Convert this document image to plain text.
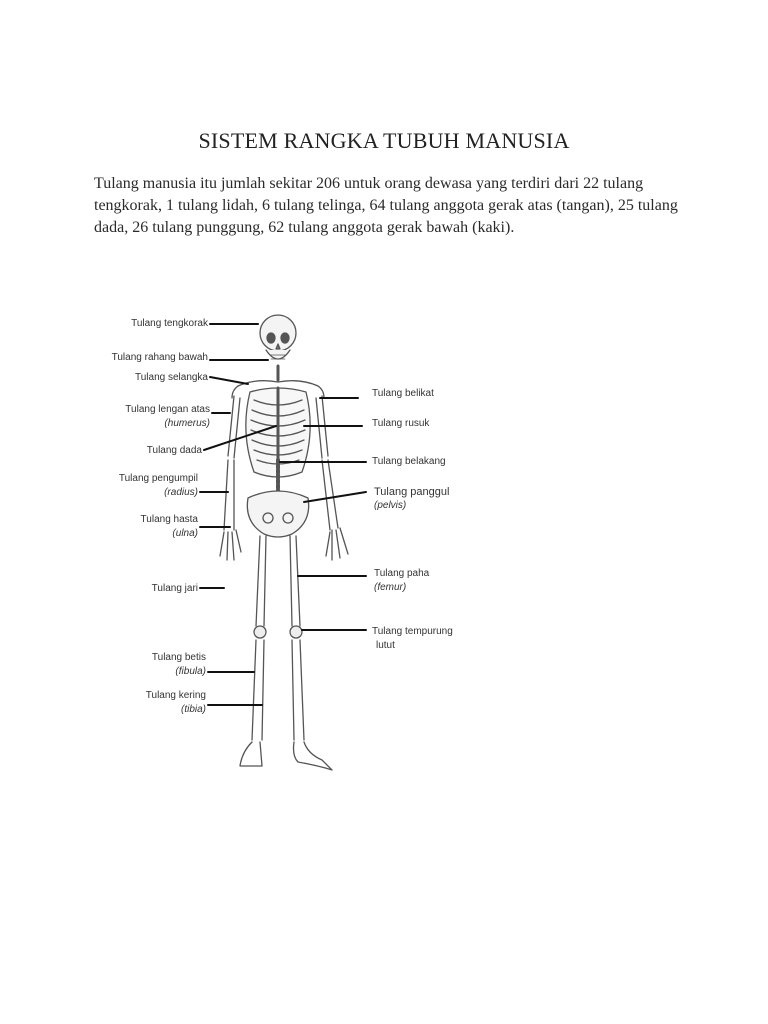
SISTEM RANGKA TUBUH MANUSIA
Tulang manusia itu jumlah sekitar 206 untuk orang dewasa yang terdiri dari 22 tulang tengkorak, 1 tulang lidah, 6 tulang telinga, 64 tulang anggota gerak atas (tangan), 25 tulang dada, 26 tulang punggung, 62 tulang anggota gerak bawah (kaki).
Tulang tengkorak
Tulang rahang bawah
Tulang selangka
Tulang lengan atas
(humerus)
Tulang dada
Tulang pengumpil
(radius)
Tulang hasta
(ulna)
Tulang jari
Tulang betis
(fibula)
Tulang kering
(tibia)
Tulang belikat
Tulang rusuk
Tulang belakang
Tulang panggul
(pelvis)
Tulang paha
(femur)
Tulang tempurung
lutut
